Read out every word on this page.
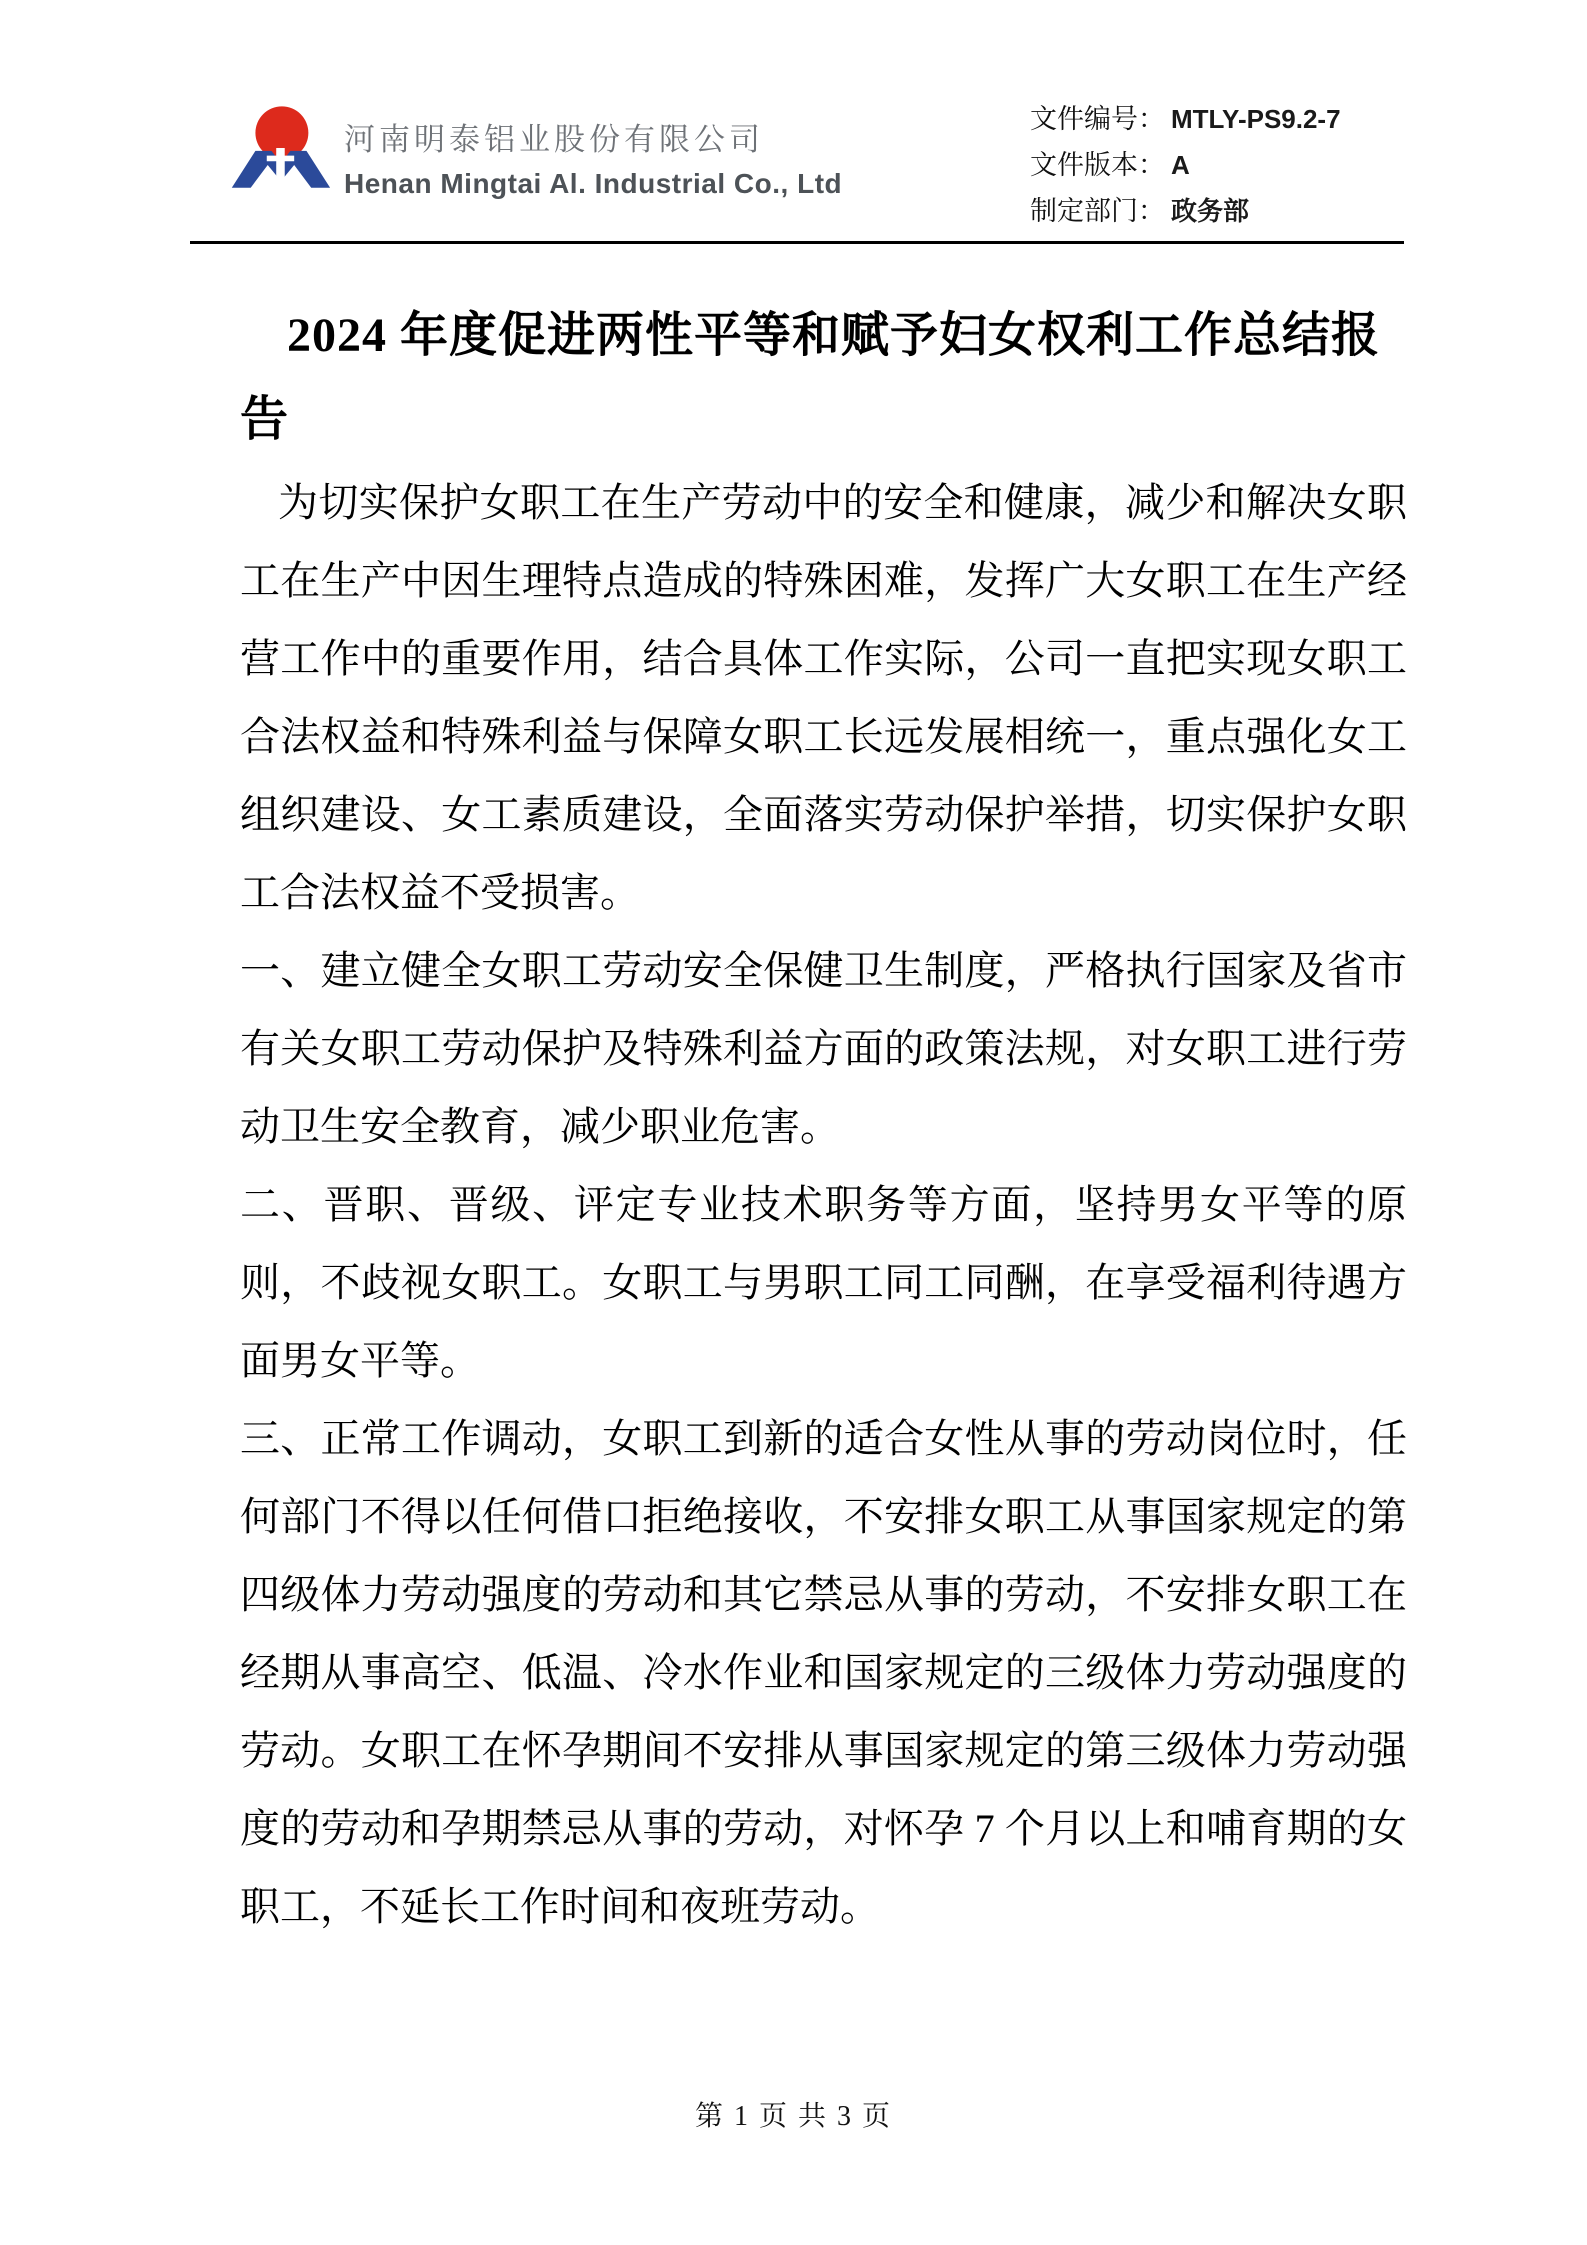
河南明泰铝业股份有限公司
Henan Mingtai Al. Industrial Co., Ltd
文件编号： MTLY-PS9.2-7
文件版本： A
制定部门： 政务部
2024 年度促进两性平等和赋予妇女权利工作总结报
告

为切实保护女职工在生产劳动中的安全和健康，减少和解决女职工在生产中因生理特点造成的特殊困难，发挥广大女职工在生产经营工作中的重要作用，结合具体工作实际，公司一直把实现女职工合法权益和特殊利益与保障女职工长远发展相统一，重点强化女工组织建设、女工素质建设，全面落实劳动保护举措，切实保护女职工合法权益不受损害。

一、建立健全女职工劳动安全保健卫生制度，严格执行国家及省市有关女职工劳动保护及特殊利益方面的政策法规，对女职工进行劳动卫生安全教育，减少职业危害。

二、晋职、晋级、评定专业技术职务等方面，坚持男女平等的原则，不歧视女职工。女职工与男职工同工同酬，在享受福利待遇方面男女平等。

三、正常工作调动，女职工到新的适合女性从事的劳动岗位时，任何部门不得以任何借口拒绝接收，不安排女职工从事国家规定的第四级体力劳动强度的劳动和其它禁忌从事的劳动，不安排女职工在经期从事高空、低温、冷水作业和国家规定的三级体力劳动强度的劳动。女职工在怀孕期间不安排从事国家规定的第三级体力劳动强度的劳动和孕期禁忌从事的劳动，对怀孕 7 个月以上和哺育期的女职工，不延长工作时间和夜班劳动。

第 1 页 共 3 页
